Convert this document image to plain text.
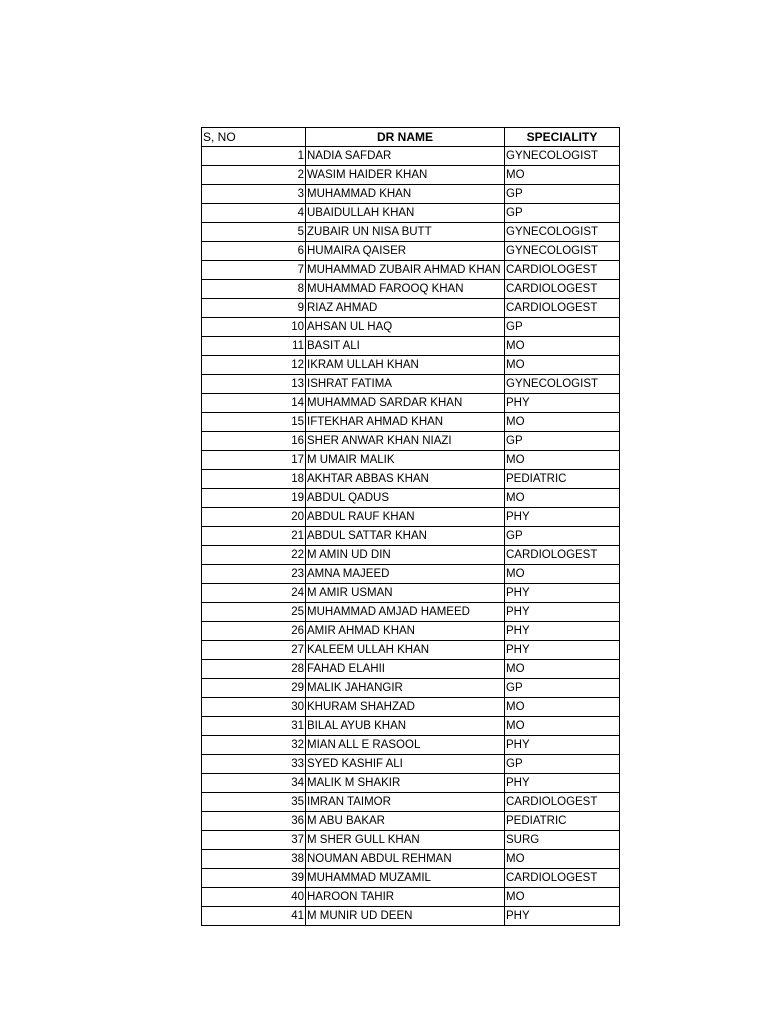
S, NO	DR NAME	SPECIALITY
1	NADIA SAFDAR	GYNECOLOGIST
2	WASIM HAIDER KHAN	MO
3	MUHAMMAD KHAN	GP
4	UBAIDULLAH KHAN	GP
5	ZUBAIR UN NISA BUTT	GYNECOLOGIST
6	HUMAIRA QAISER	GYNECOLOGIST
7	MUHAMMAD ZUBAIR AHMAD KHAN	CARDIOLOGEST
8	MUHAMMAD FAROOQ KHAN	CARDIOLOGEST
9	RIAZ AHMAD	CARDIOLOGEST
10	AHSAN UL HAQ	GP
11	BASIT ALI	MO
12	IKRAM ULLAH KHAN	MO
13	ISHRAT FATIMA	GYNECOLOGIST
14	MUHAMMAD SARDAR KHAN	PHY
15	IFTEKHAR AHMAD KHAN	MO
16	SHER ANWAR KHAN NIAZI	GP
17	M UMAIR MALIK	MO
18	AKHTAR ABBAS KHAN	PEDIATRIC
19	ABDUL QADUS	MO
20	ABDUL RAUF KHAN	PHY
21	ABDUL SATTAR KHAN	GP
22	M AMIN UD DIN	CARDIOLOGEST
23	AMNA MAJEED	MO
24	M AMIR USMAN	PHY
25	MUHAMMAD AMJAD HAMEED	PHY
26	AMIR AHMAD KHAN	PHY
27	KALEEM ULLAH KHAN	PHY
28	FAHAD ELAHII	MO
29	MALIK JAHANGIR	GP
30	KHURAM SHAHZAD	MO
31	BILAL AYUB KHAN	MO
32	MIAN ALL E RASOOL	PHY
33	SYED KASHIF ALI	GP
34	MALIK M SHAKIR	PHY
35	IMRAN TAIMOR	CARDIOLOGEST
36	M ABU BAKAR	PEDIATRIC
37	M SHER GULL KHAN	SURG
38	NOUMAN ABDUL REHMAN	MO
39	MUHAMMAD MUZAMIL	CARDIOLOGEST
40	HAROON TAHIR	MO
41	M MUNIR UD DEEN	PHY
